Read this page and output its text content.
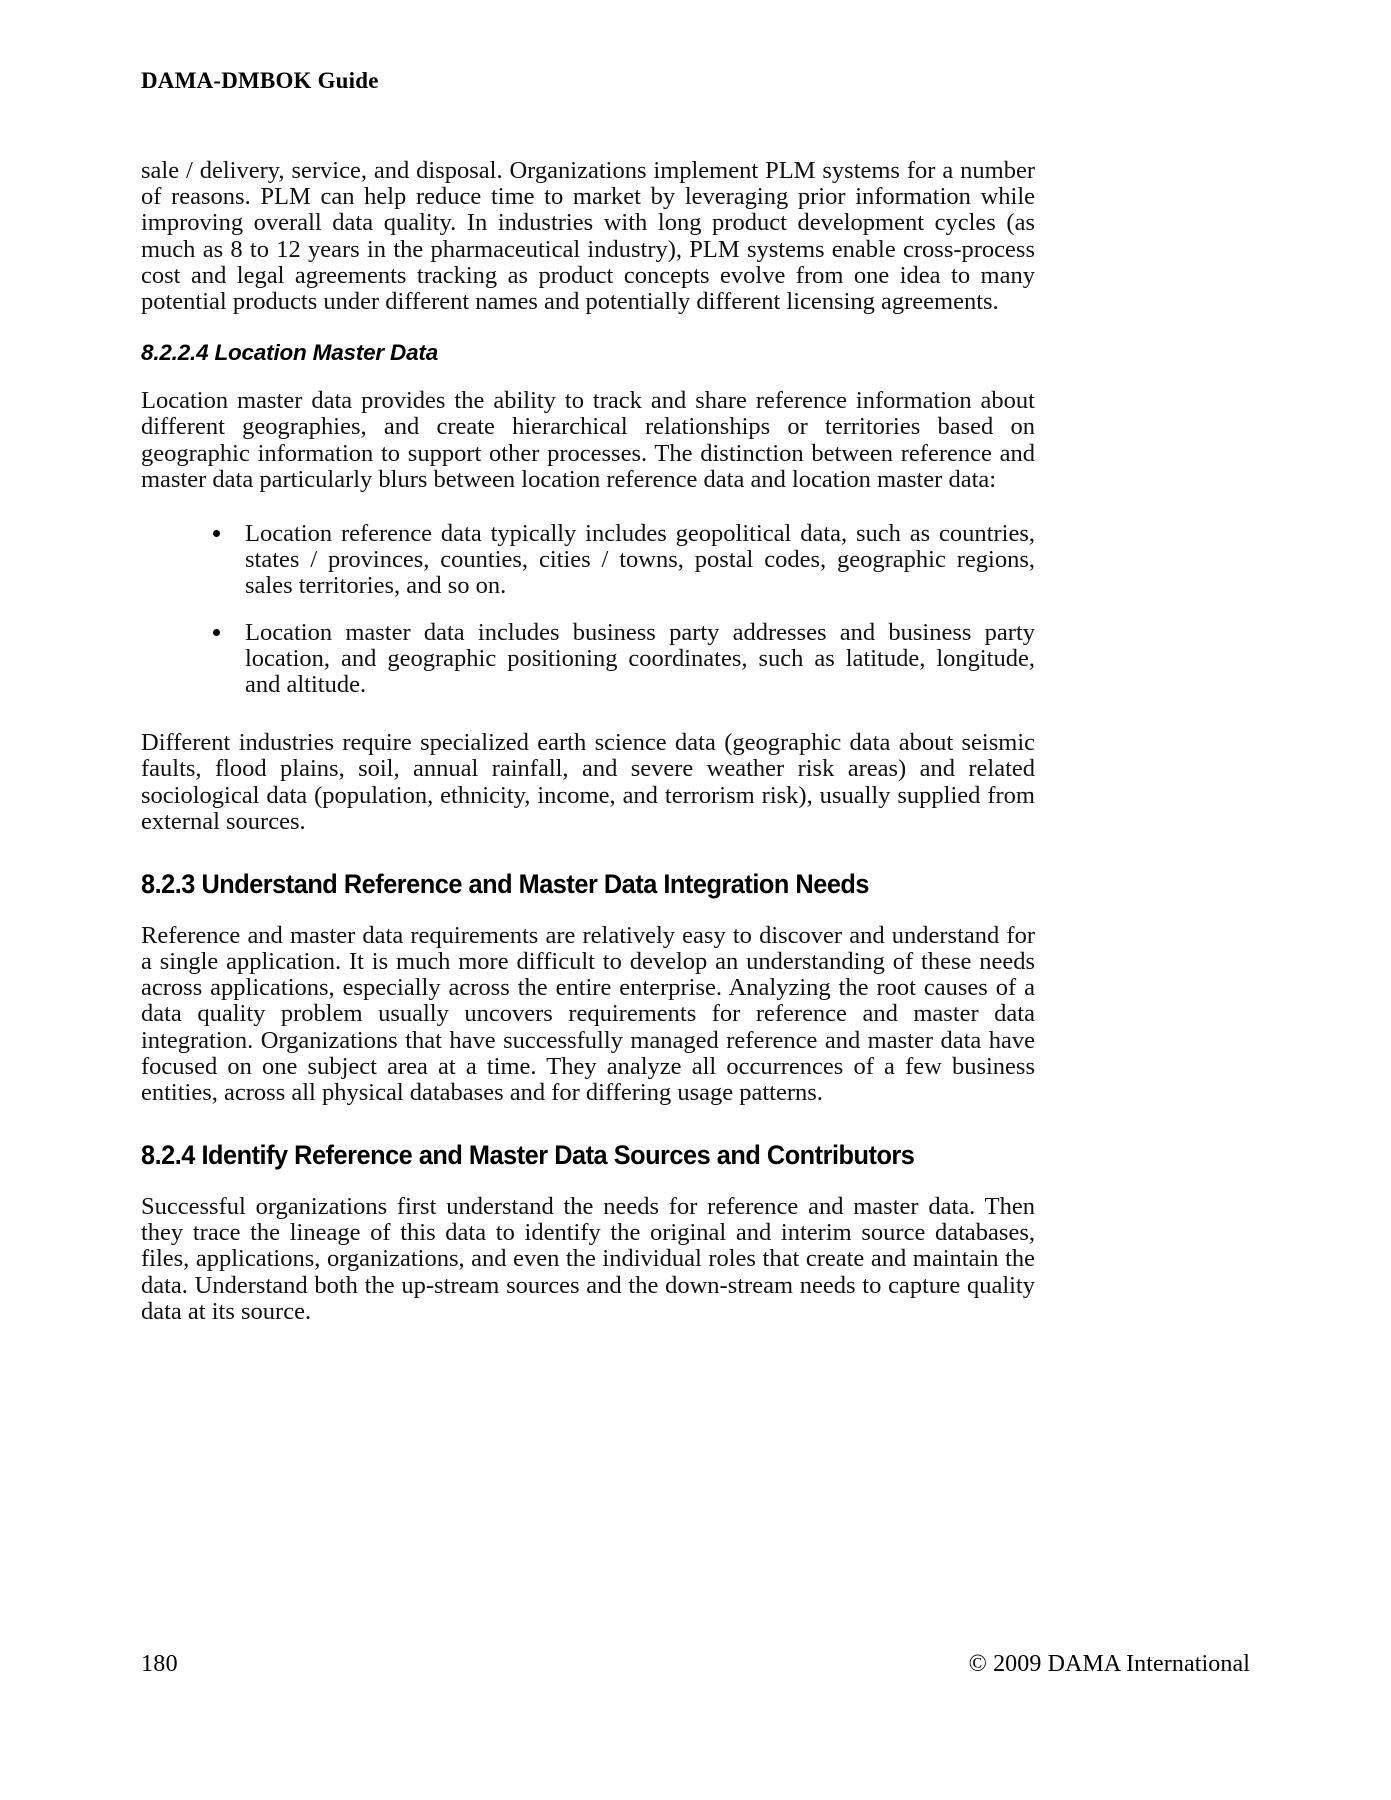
DAMA-DMBOK Guide

sale / delivery, service, and disposal. Organizations implement PLM systems for a number of reasons. PLM can help reduce time to market by leveraging prior information while improving overall data quality. In industries with long product development cycles (as much as 8 to 12 years in the pharmaceutical industry), PLM systems enable cross-process cost and legal agreements tracking as product concepts evolve from one idea to many potential products under different names and potentially different licensing agreements.

8.2.2.4 Location Master Data

Location master data provides the ability to track and share reference information about different geographies, and create hierarchical relationships or territories based on geographic information to support other processes. The distinction between reference and master data particularly blurs between location reference data and location master data:

Location reference data typically includes geopolitical data, such as countries, states / provinces, counties, cities / towns, postal codes, geographic regions, sales territories, and so on.
Location master data includes business party addresses and business party location, and geographic positioning coordinates, such as latitude, longitude, and altitude.

Different industries require specialized earth science data (geographic data about seismic faults, flood plains, soil, annual rainfall, and severe weather risk areas) and related sociological data (population, ethnicity, income, and terrorism risk), usually supplied from external sources.

8.2.3 Understand Reference and Master Data Integration Needs

Reference and master data requirements are relatively easy to discover and understand for a single application. It is much more difficult to develop an understanding of these needs across applications, especially across the entire enterprise. Analyzing the root causes of a data quality problem usually uncovers requirements for reference and master data integration. Organizations that have successfully managed reference and master data have focused on one subject area at a time. They analyze all occurrences of a few business entities, across all physical databases and for differing usage patterns.

8.2.4 Identify Reference and Master Data Sources and Contributors

Successful organizations first understand the needs for reference and master data. Then they trace the lineage of this data to identify the original and interim source databases, files, applications, organizations, and even the individual roles that create and maintain the data. Understand both the up-stream sources and the down-stream needs to capture quality data at its source.

180	© 2009 DAMA International
